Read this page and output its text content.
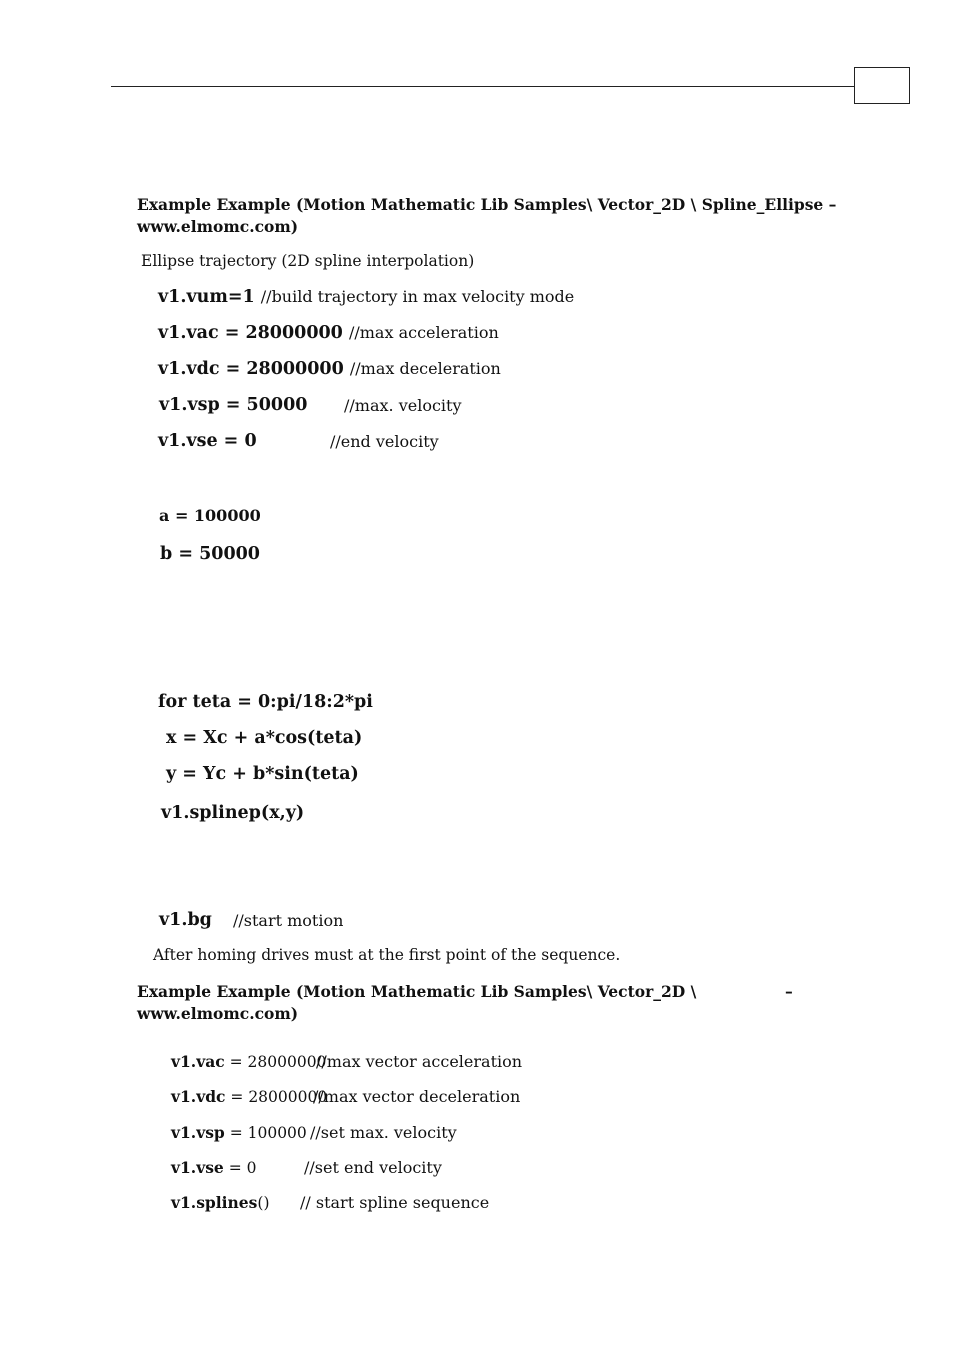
Example Example (Motion Mathematic Lib Samples\ Vector_2D \ Spline_Ellipse –
www.elmomc.com)
Ellipse trajectory (2D spline interpolation)
v1.vum=1 //build trajectory in max velocity mode
v1.vac = 28000000 //max acceleration
v1.vdc = 28000000 //max deceleration
v1.vsp = 50000 //max. velocity
v1.vse = 0	//end velocity
a = 100000
b = 50000
for teta = 0:pi/18:2*pi
x = Xc + a*cos(teta)
y = Yc + b*sin(teta)
v1.splinep(x,y)
v1.bg //start motion
After homing drives must at the first point of the sequence.
Example Example (Motion Mathematic Lib Samples\ Vector_2D \
www.elmomc.com)
–
v1.vac = 28000000
//max vector acceleration
v1.vdc = 28000000
//max vector deceleration
v1.vsp = 100000 //set max. velocity
v1.vse = 0	//set end velocity
v1.splines() // start spline sequence
